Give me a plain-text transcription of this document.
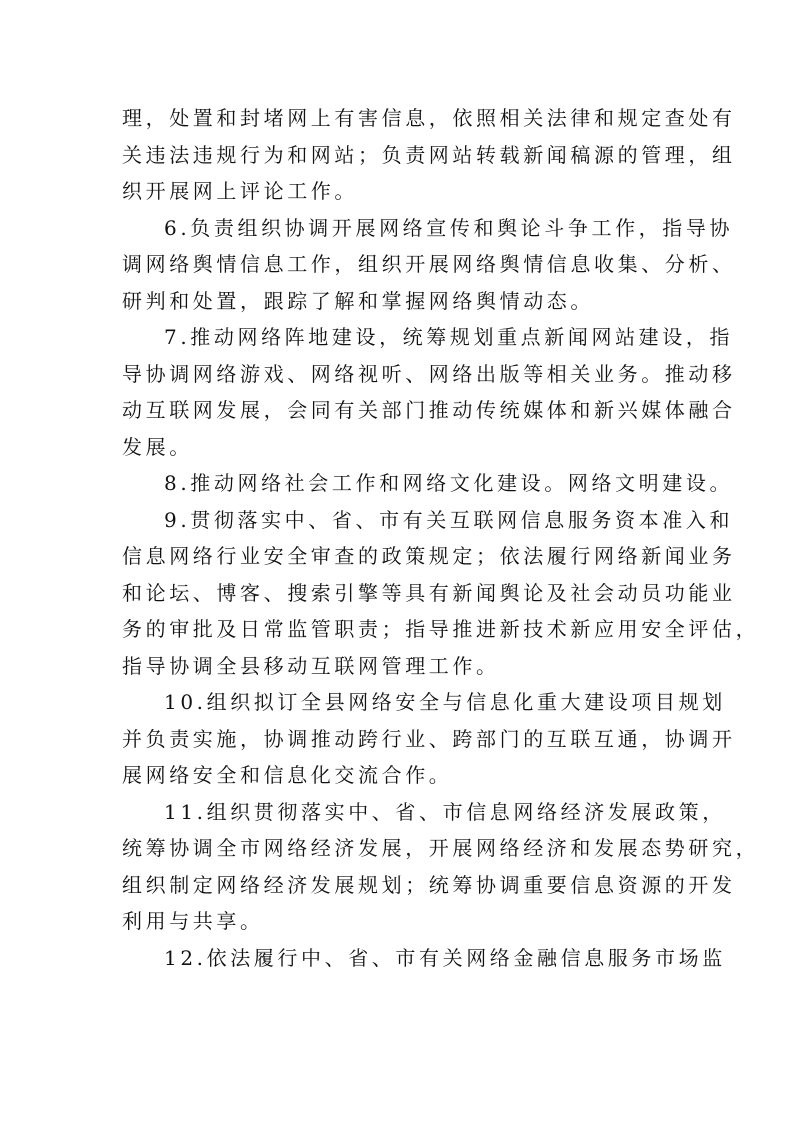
理，处置和封堵网上有害信息，依照相关法律和规定查处有
关违法违规行为和网站；负责网站转载新闻稿源的管理，组
织开展网上评论工作。
6.负责组织协调开展网络宣传和舆论斗争工作，指导协
调网络舆情信息工作，组织开展网络舆情信息收集、分析、
研判和处置，跟踪了解和掌握网络舆情动态。
7.推动网络阵地建设，统筹规划重点新闻网站建设，指
导协调网络游戏、网络视听、网络出版等相关业务。推动移
动互联网发展，会同有关部门推动传统媒体和新兴媒体融合
发展。
8.推动网络社会工作和网络文化建设。网络文明建设。
9.贯彻落实中、省、市有关互联网信息服务资本准入和
信息网络行业安全审查的政策规定；依法履行网络新闻业务
和论坛、博客、搜索引擎等具有新闻舆论及社会动员功能业
务的审批及日常监管职责；指导推进新技术新应用安全评估，
指导协调全县移动互联网管理工作。
10.组织拟订全县网络安全与信息化重大建设项目规划
并负责实施，协调推动跨行业、跨部门的互联互通，协调开
展网络安全和信息化交流合作。
11.组织贯彻落实中、省、市信息网络经济发展政策，
统筹协调全市网络经济发展，开展网络经济和发展态势研究，
组织制定网络经济发展规划；统筹协调重要信息资源的开发
利用与共享。
12.依法履行中、省、市有关网络金融信息服务市场监
